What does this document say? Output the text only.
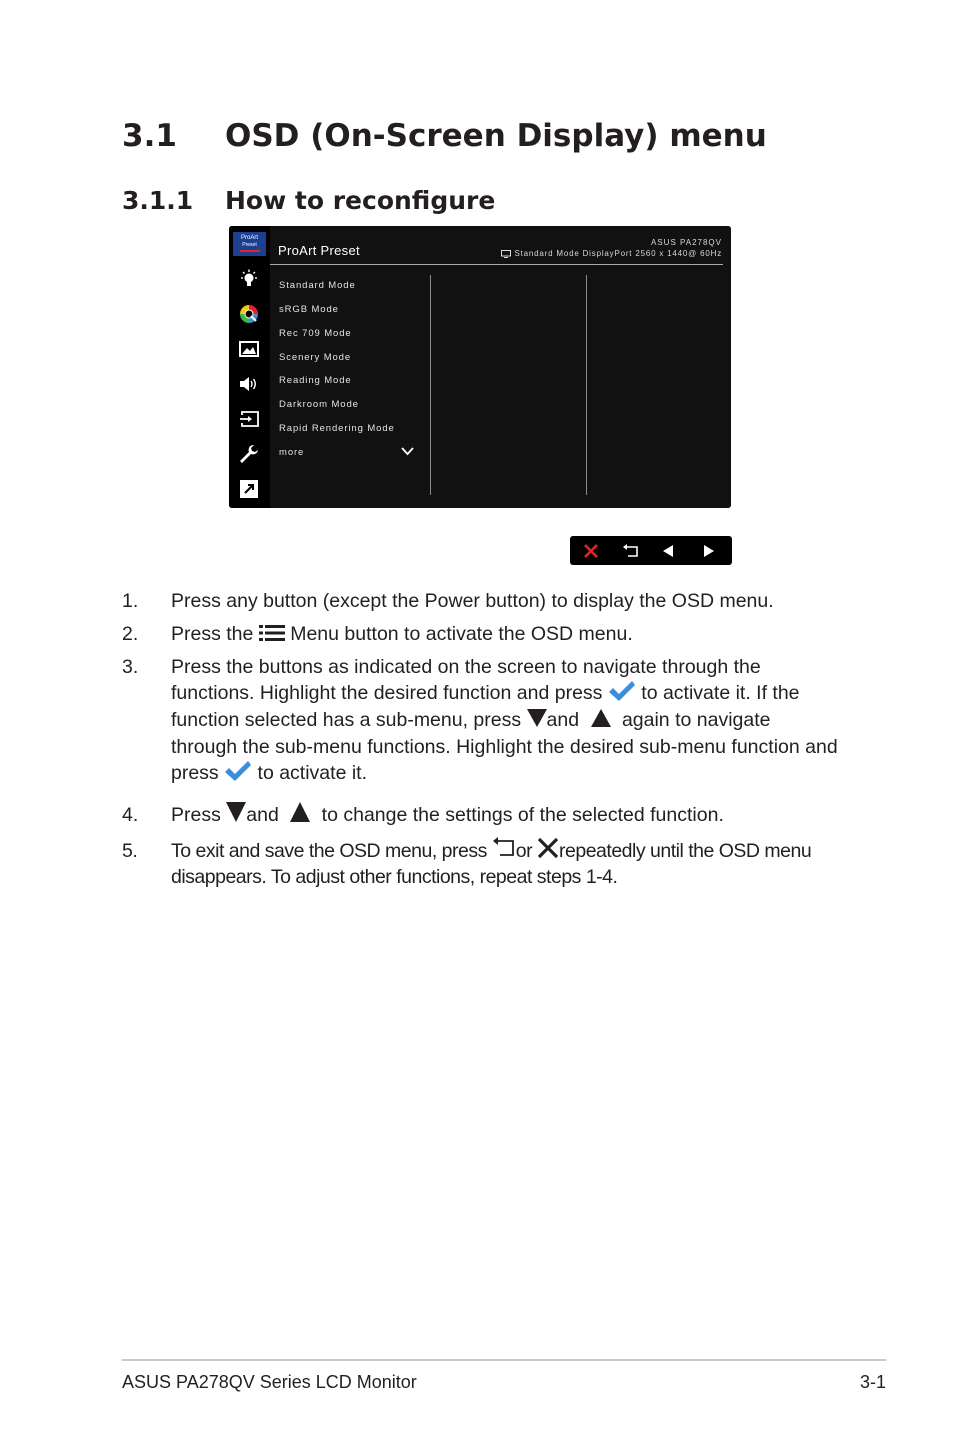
3.1 OSD (On-Screen Display) menu
3.1.1 How to reconfigure
ProArt
Preset	ProArt Preset
ASUS PA278QV
Standard Mode DisplayPort 2560 x 1440@ 60Hz
Standard Mode
sRGB Mode
Rec 709 Mode
Scenery Mode
Reading Mode
Darkroom Mode
Rapid Rendering Mode
more
1. Press any button (except the Power button) to display the OSD menu.
2. Press the Menu button to activate the OSD menu.
3. Press the buttons as indicated on the screen to navigate through the
functions. Highlight the desired function and press to activate it. If the
function selected has a sub-menu, press and again to navigate
through the sub-menu functions. Highlight the desired sub-menu function and
press to activate it.
4. Press and to change the settings of the selected function.
5. To exit and save the OSD menu, press or repeatedly until the OSD menu
disappears. To adjust other functions, repeat steps 1-4.
ASUS PA278QV Series LCD Monitor	3-1
